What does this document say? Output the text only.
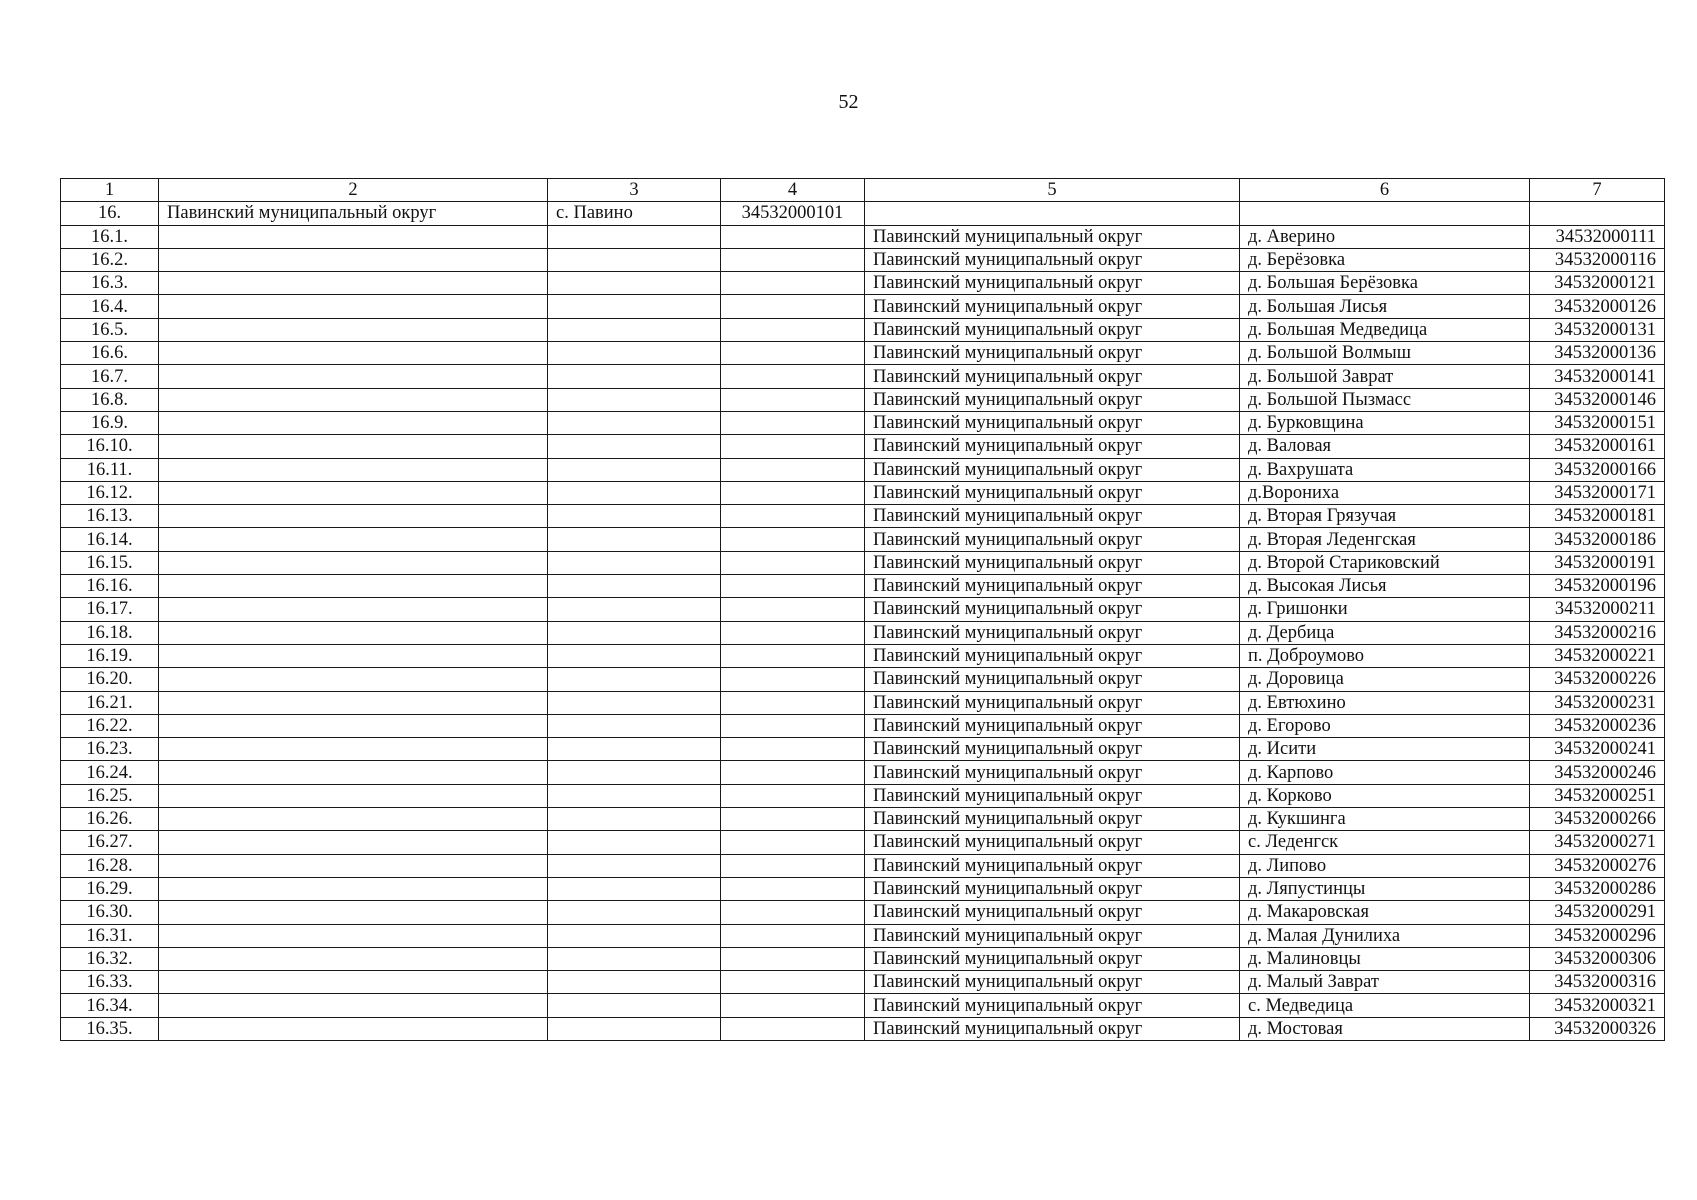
52
1	2	3	4	5	6	7
16.	Павинский муниципальный округ	с. Павино	34532000101			
16.1.				Павинский муниципальный округ	д. Аверино	34532000111
16.2.				Павинский муниципальный округ	д. Берёзовка	34532000116
16.3.				Павинский муниципальный округ	д. Большая Берёзовка	34532000121
16.4.				Павинский муниципальный округ	д. Большая Лисья	34532000126
16.5.				Павинский муниципальный округ	д. Большая Медведица	34532000131
16.6.				Павинский муниципальный округ	д. Большой Волмыш	34532000136
16.7.				Павинский муниципальный округ	д. Большой Заврат	34532000141
16.8.				Павинский муниципальный округ	д. Большой Пызмасс	34532000146
16.9.				Павинский муниципальный округ	д. Бурковщина	34532000151
16.10.				Павинский муниципальный округ	д. Валовая	34532000161
16.11.				Павинский муниципальный округ	д. Вахрушата	34532000166
16.12.				Павинский муниципальный округ	д.Ворониха	34532000171
16.13.				Павинский муниципальный округ	д. Вторая Грязучая	34532000181
16.14.				Павинский муниципальный округ	д. Вторая Леденгская	34532000186
16.15.				Павинский муниципальный округ	д. Второй Стариковский	34532000191
16.16.				Павинский муниципальный округ	д. Высокая Лисья	34532000196
16.17.				Павинский муниципальный округ	д. Гришонки	34532000211
16.18.				Павинский муниципальный округ	д. Дербица	34532000216
16.19.				Павинский муниципальный округ	п. Доброумово	34532000221
16.20.				Павинский муниципальный округ	д. Доровица	34532000226
16.21.				Павинский муниципальный округ	д. Евтюхино	34532000231
16.22.				Павинский муниципальный округ	д. Егорово	34532000236
16.23.				Павинский муниципальный округ	д. Исити	34532000241
16.24.				Павинский муниципальный округ	д. Карпово	34532000246
16.25.				Павинский муниципальный округ	д. Корково	34532000251
16.26.				Павинский муниципальный округ	д. Кукшинга	34532000266
16.27.				Павинский муниципальный округ	с. Леденгск	34532000271
16.28.				Павинский муниципальный округ	д. Липово	34532000276
16.29.				Павинский муниципальный округ	д. Ляпустинцы	34532000286
16.30.				Павинский муниципальный округ	д. Макаровская	34532000291
16.31.				Павинский муниципальный округ	д. Малая Дунилиха	34532000296
16.32.				Павинский муниципальный округ	д. Малиновцы	34532000306
16.33.				Павинский муниципальный округ	д. Малый Заврат	34532000316
16.34.				Павинский муниципальный округ	с. Медведица	34532000321
16.35.				Павинский муниципальный округ	д. Мостовая	34532000326
